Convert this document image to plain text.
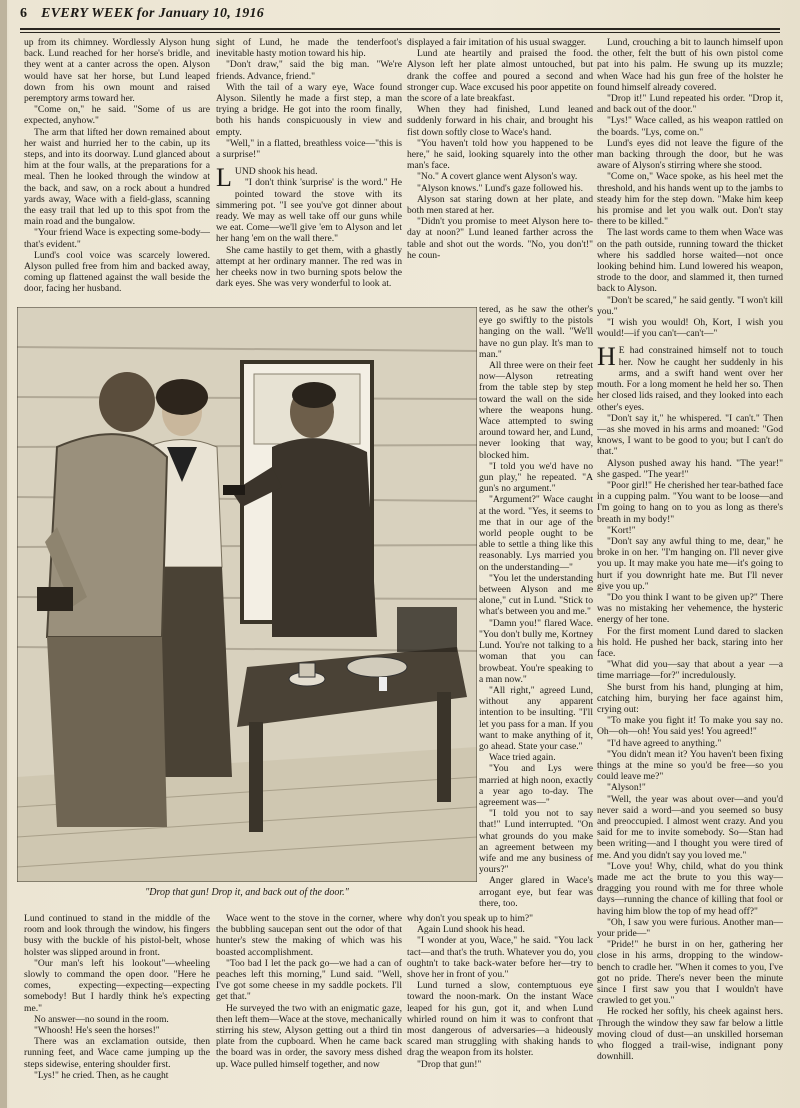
6 EVERY WEEK for January 10, 1916

up from its chimney. Wordlessly Alyson hung back. Lund reached for her horse's bridle, and they went at a canter across the open. Alyson would have sat her horse, but Lund leaped down from his own mount and raised peremptory arms toward her.

"Come on," he said. "Some of us are expected, anyhow."

The arm that lifted her down remained about her waist and hurried her to the cabin, up its steps, and into its doorway. Lund glanced about him at the four walls, at the preparations for a meal. Then he looked through the window at the back, and saw, on a rock about a hundred yards away, Wace with a field-glass, scanning the easy trail that led up to this spot from the main road and the bungalow.

"Your friend Wace is expecting some-body—that's evident."

Lund's cool voice was scarcely lowered. Alyson pulled free from him and backed away, coming up flattened against the wall beside the door, facing her husband.

sight of Lund, he made the tenderfoot's inevitable hasty motion toward his hip.

"Don't draw," said the big man. "We're friends. Advance, friend."

With the tail of a wary eye, Wace found Alyson. Silently he made a first step, a man trying a bridge. He got into the room finally, both his hands conspicuously in view and empty.

"Well," in a flatted, breathless voice—"this is a surprise!"

LUND shook his head.

"I don't think 'surprise' is the word." He pointed toward the stove with its simmering pot. "I see you've got dinner about ready. We may as well take off our guns while we eat. Come—we'll give 'em to Alyson and let her hang 'em on the wall there."

She came hastily to get them, with a ghastly attempt at her ordinary manner. The red was in her cheeks now in two burning spots below the dark eyes. She was very wonderful to look at.

displayed a fair imitation of his usual swagger.

Lund ate heartily and praised the food. Alyson left her plate almost untouched, but drank the coffee and poured a second and stronger cup. Wace excused his poor appetite on the score of a late breakfast.

When they had finished, Lund leaned suddenly forward in his chair, and brought his fist down softly close to Wace's hand.

"You haven't told how you happened to be here," he said, looking squarely into the other man's face.

"No." A covert glance went Alyson's way.

"Alyson knows." Lund's gaze followed his.

Alyson sat staring down at her plate, and both men stared at her.

"Didn't you promise to meet Alyson here to-day at noon?" Lund leaned farther across the table and shot out the words. "No, you don't!" he coun-

tered, as he saw the other's eye go swiftly to the pistols hanging on the wall. "We'll have no gun play. It's man to man."

All three were on their feet now—Alyson retreating from the table step by step toward the wall on the side where the weapons hung. Wace attempted to swing around toward her, and Lund, never looking that way, blocked him.

"I told you we'd have no gun play," he repeated. "A gun's no argument."

"Argument?" Wace caught at the word. "Yes, it seems to me that in our age of the world people ought to be able to settle a thing like this reasonably. Lys married you on the understanding—"

"You let the understanding between Alyson and me alone," cut in Lund. "Stick to what's between you and me."

"Damn you!" flared Wace. "You don't bully me, Kortney Lund. You're not talking to a woman that you can browbeat. You're speaking to a man now."

"All right," agreed Lund, without any apparent intention to be insulting. "I'll let you pass for a man. If you want to make anything of it, go ahead. State your case."

Wace tried again.

"You and Lys were married at high noon, exactly a year ago to-day. The agreement was—"

"I told you not to say that!" Lund interrupted. "On what grounds do you make an agreement between my wife and me any business of yours?"

Anger glared in Wace's arrogant eye, but fear was there, too.

Lund, crouching a bit to launch himself upon the other, felt the butt of his own pistol come pat into his palm. He swung up its muzzle; when Wace had his gun free of the holster he found himself already covered.

"Drop it!" Lund repeated his order. "Drop it, and back out of the door."

"Lys!" Wace called, as his weapon rattled on the boards. "Lys, come on."

Lund's eyes did not leave the figure of the man backing through the door, but he was aware of Alyson's stirring where she stood.

"Come on," Wace spoke, as his heel met the threshold, and his hands went up to the jambs to steady him for the step down. "Make him keep his promise and let you walk out. Don't stay there to be killed."

The last words came to them when Wace was on the path outside, running toward the thicket where his saddled horse waited—not once looking behind him. Lund lowered his weapon, strode to the door, and slammed it, then turned back to Alyson.

"Don't be scared," he said gently. "I won't kill you."

"I wish you would! Oh, Kort, I wish you would!—if you can't—can't—"

H E had constrained himself not to touch her. Now he caught her suddenly in his arms, and a swift hand went over her mouth. For a long moment he held her so. Then her closed lids raised, and they looked into each other's eyes.

"Don't say it," he whispered. "I can't." Then—as she moved in his arms and moaned: "God knows, I want to be good to you; but I can't do that."

Alyson pushed away his hand. "The year!" she gasped. "The year!"

"Poor girl!" He cherished her tear-bathed face in a cupping palm. "You want to be loose—and I'm going to hang on to you as long as there's breath in my body!"

"Kort!"

"Don't say any awful thing to me, dear," he broke in on her. "I'm hanging on. I'll never give you up. It may make you hate me—it's going to hurt if you downright hate me. But I'll never give you up."

"Do you think I want to be given up?" There was no mistaking her vehemence, the hysteric energy of her tone.

For the first moment Lund dared to slacken his hold. He pushed her back, staring into her face.

"What did you—say that about a year —a time marriage—for?" incredulously.

She burst from his hand, plunging at him, catching him, burying her face against him, crying out:

"To make you fight it! To make you say no. Oh—oh—oh! You said yes! You agreed!"

"I'd have agreed to anything."

"You didn't mean it? You haven't been fixing things at the mine so you'd be free—so you could leave me?"

"Alyson!"

"Well, the year was about over—and you'd never said a word—and you seemed so busy and preoccupied. I almost went crazy. And you said for me to invite somebody. So—Stan had been writing—and I thought you were tired of me. And you didn't say you loved me."

"Love you! Why, child, what do you think made me act the brute to you this way—dragging you round with me for three whole days—running the chance of killing that fool or having him blow the top of my head off?"

"Oh, I saw you were furious. Another man—your pride—"

"Pride!" he burst in on her, gathering her close in his arms, dropping to the window-bench to cradle her. "When it comes to you, I've got no pride. There's never been the minute since I first saw you that I wouldn't have crawled to get you."

He rocked her softly, his cheek against hers. Through the window they saw far below a little moving cloud of dust—an unskilled horseman who flogged a trail-wise, indignant pony downhill.

"Drop that gun! Drop it, and back out of the door."

Lund continued to stand in the middle of the room and look through the window, his fingers busy with the buckle of his pistol-belt, whose holster was slipped around in front.

"Our man's left his lookout"—wheeling slowly to command the open door. "Here he comes, expecting—expecting—expecting somebody! But I hardly think he's expecting me."

No answer—no sound in the room.

"Whoosh! He's seen the horses!"

There was an exclamation outside, then running feet, and Wace came jumping up the steps sidewise, entering shoulder first.

"Lys!" he cried. Then, as he caught

Wace went to the stove in the corner, where the bubbling saucepan sent out the odor of that hunter's stew the making of which was his boasted accomplishment.

"Too bad I let the pack go—we had a can of peaches left this morning," Lund said. "Well, I've got some cheese in my saddle pockets. I'll get that."

He surveyed the two with an enigmatic gaze, then left them—Wace at the stove, mechanically stirring his stew, Alyson getting out a third tin plate from the cupboard. When he came back the board was in order, the savory mess dished up. Wace pulled himself together, and now

why don't you speak up to him?"

Again Lund shook his head.

"I wonder at you, Wace," he said. "You lack tact—and that's the truth. Whatever you do, you oughtn't to take back-water before her—try to shove her in front of you."

Lund turned a slow, contemptuous eye toward the noon-mark. On the instant Wace leaped for his gun, got it, and when Lund whirled round on him it was to confront that most dangerous of adversaries—a hideously scared man struggling with shaking hands to drag the weapon from its holster.

"Drop that gun!"
